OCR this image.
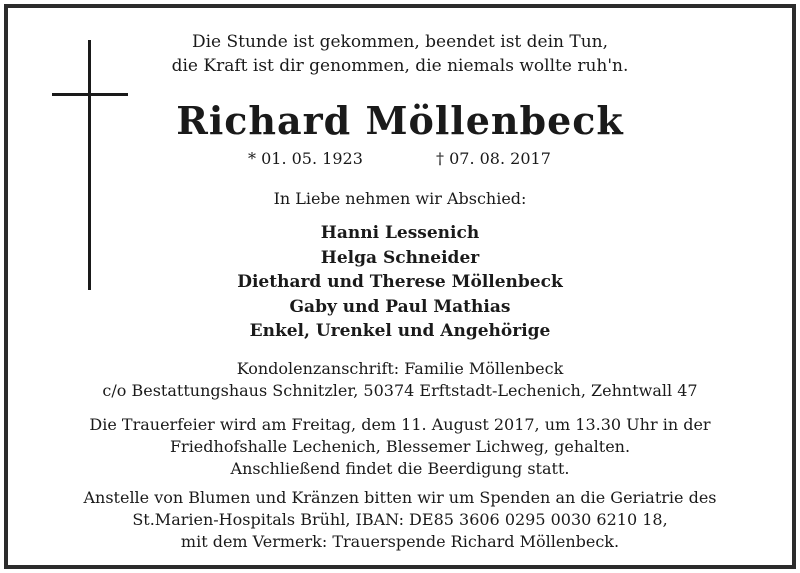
Die Stunde ist gekommen, beendet ist dein Tun,
die Kraft ist dir genommen, die niemals wollte ruh'n.
Richard Möllenbeck
* 01. 05. 1923	† 07. 08. 2017
In Liebe nehmen wir Abschied:
Hanni Lessenich
Helga Schneider
Diethard und Therese Möllenbeck
Gaby und Paul Mathias
Enkel, Urenkel und Angehörige
Kondolenzanschrift: Familie Möllenbeck
c/o Bestattungshaus Schnitzler, 50374 Erftstadt-Lechenich, Zehntwall 47
Die Trauerfeier wird am Freitag, dem 11. August 2017, um 13.30 Uhr in der
Friedhofshalle Lechenich, Blessemer Lichweg, gehalten.
Anschließend findet die Beerdigung statt.
Anstelle von Blumen und Kränzen bitten wir um Spenden an die Geriatrie des
St.Marien-Hospitals Brühl, IBAN: DE85 3606 0295 0030 6210 18,
mit dem Vermerk: Trauerspende Richard Möllenbeck.
